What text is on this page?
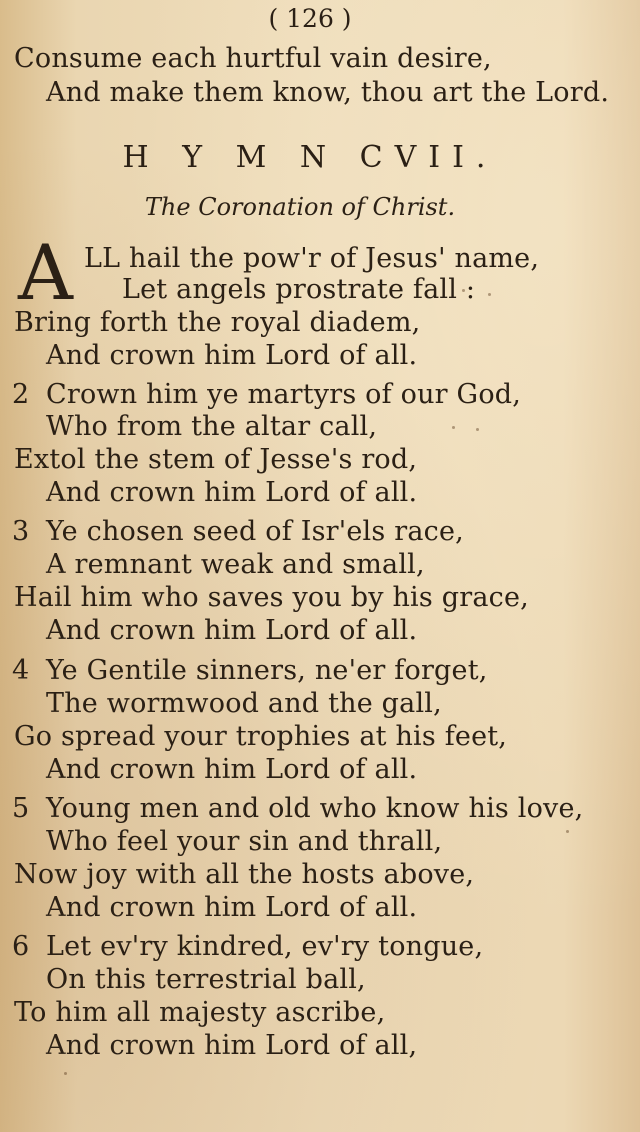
( 126 )
Consume each hurtful vain desire,
And make them know, thou art the Lord.
H Y M N CVII.
The Coronation of Christ.
A LL hail the pow'r of Jesus' name,
Let angels prostrate fall :
Bring forth the royal diadem,
And crown him Lord of all.
2 Crown him ye martyrs of our God,
Who from the altar call,
Extol the stem of Jesse's rod,
And crown him Lord of all.
3 Ye chosen seed of Isr'els race,
A remnant weak and small,
Hail him who saves you by his grace,
And crown him Lord of all.
4 Ye Gentile sinners, ne'er forget,
The wormwood and the gall,
Go spread your trophies at his feet,
And crown him Lord of all.
5 Young men and old who know his love,
Who feel your sin and thrall,
Now joy with all the hosts above,
And crown him Lord of all.
6 Let ev'ry kindred, ev'ry tongue,
On this terrestrial ball,
To him all majesty ascribe,
And crown him Lord of all,
